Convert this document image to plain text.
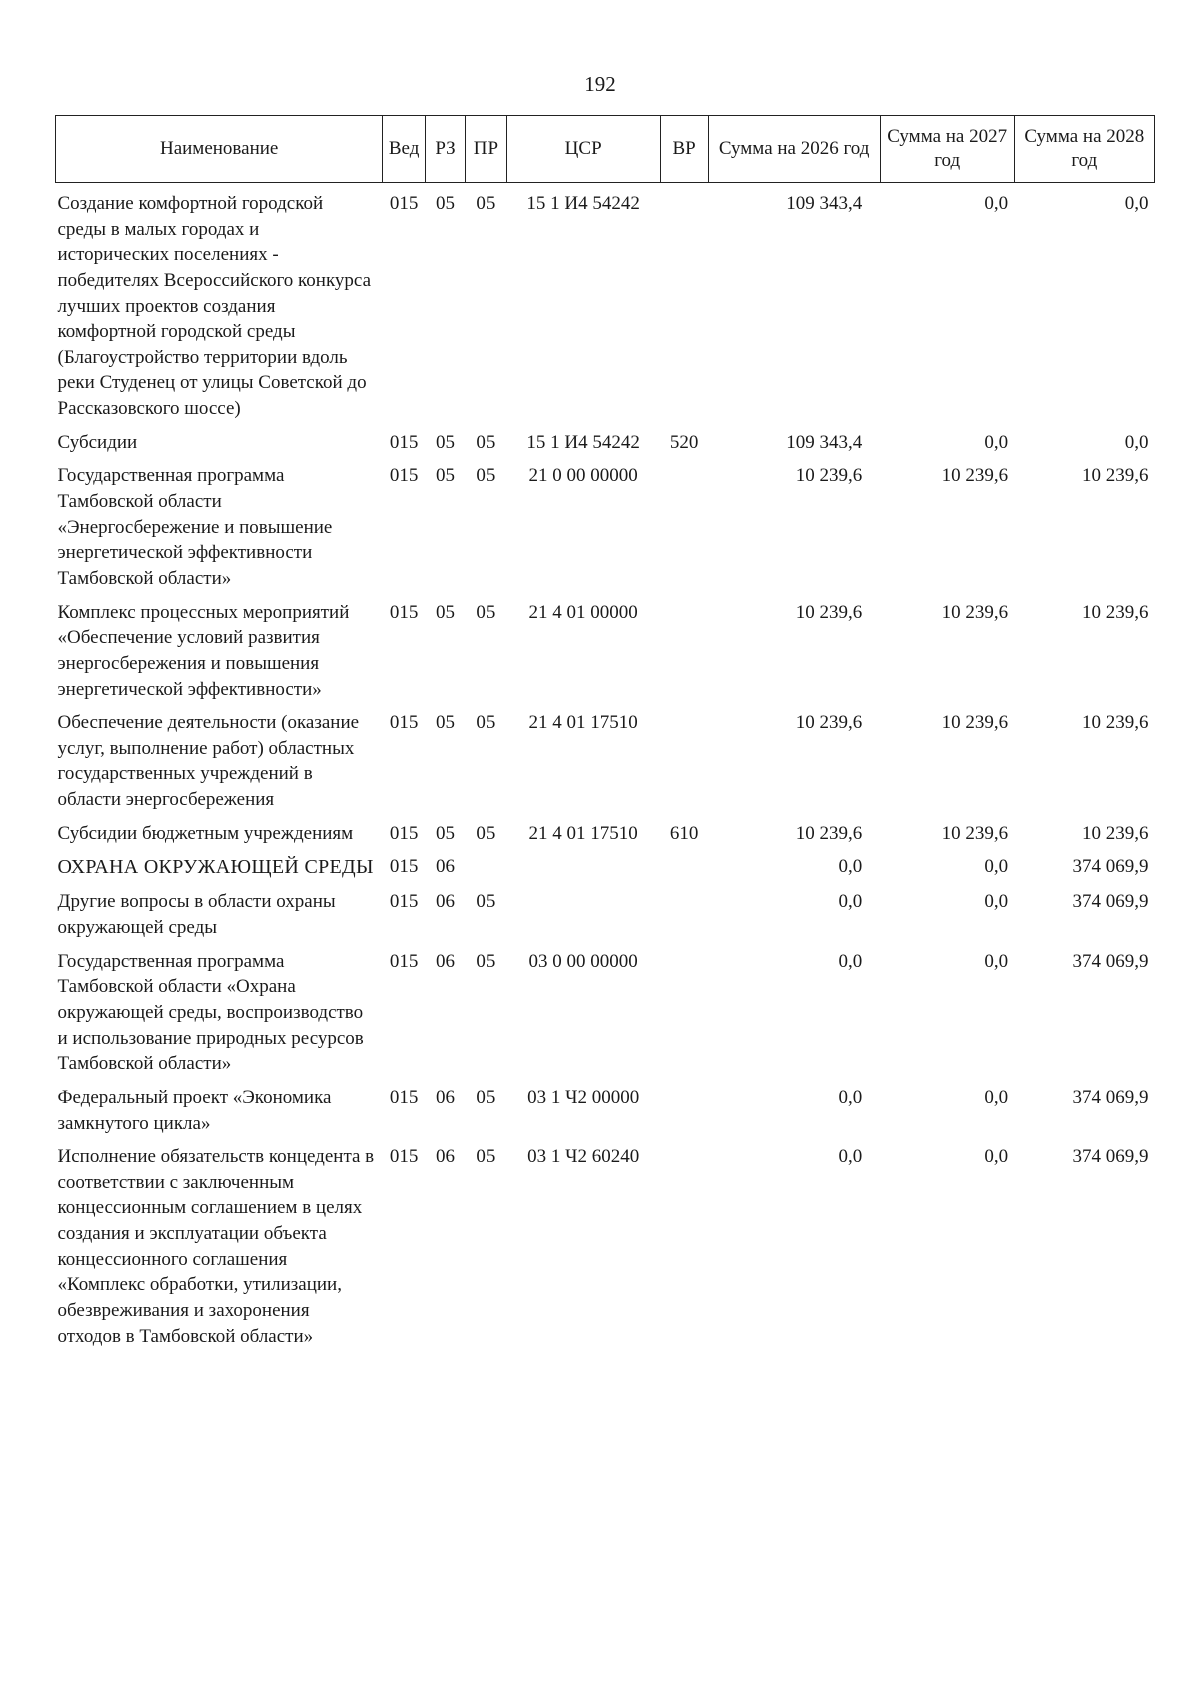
192
Наименование	Вед	РЗ	ПР	ЦСР	ВР	Сумма на 2026 год	Сумма на 2027 год	Сумма на 2028 год
Создание комфортной городской среды в малых городах и исторических поселениях - победителях Всероссийского конкурса лучших проектов создания комфортной городской среды (Благоустройство территории вдоль реки Студенец от улицы Советской до Рассказовского шоссе)	015	05	05	15 1 И4 54242		109 343,4	0,0	0,0
Субсидии	015	05	05	15 1 И4 54242	520	109 343,4	0,0	0,0
Государственная программа Тамбовской области «Энергосбережение и повышение энергетической эффективности Тамбовской области»	015	05	05	21 0 00 00000		10 239,6	10 239,6	10 239,6
Комплекс процессных мероприятий «Обеспечение условий развития энергосбережения и повышения энергетической эффективности»	015	05	05	21 4 01 00000		10 239,6	10 239,6	10 239,6
Обеспечение деятельности (оказание услуг, выполнение работ) областных государственных учреждений в области энергосбережения	015	05	05	21 4 01 17510		10 239,6	10 239,6	10 239,6
Субсидии бюджетным учреждениям	015	05	05	21 4 01 17510	610	10 239,6	10 239,6	10 239,6
ОХРАНА ОКРУЖАЮЩЕЙ СРЕДЫ	015	06				0,0	0,0	374 069,9
Другие вопросы в области охраны окружающей среды	015	06	05			0,0	0,0	374 069,9
Государственная программа Тамбовской области «Охрана окружающей среды, воспроизводство и использование природных ресурсов Тамбовской области»	015	06	05	03 0 00 00000		0,0	0,0	374 069,9
Федеральный проект «Экономика замкнутого цикла»	015	06	05	03 1 Ч2 00000		0,0	0,0	374 069,9
Исполнение обязательств концедента в соответствии с заключенным концессионным соглашением в целях создания и эксплуатации объекта концессионного соглашения «Комплекс обработки, утилизации, обезвреживания и захоронения отходов в Тамбовской области»	015	06	05	03 1 Ч2 60240		0,0	0,0	374 069,9
